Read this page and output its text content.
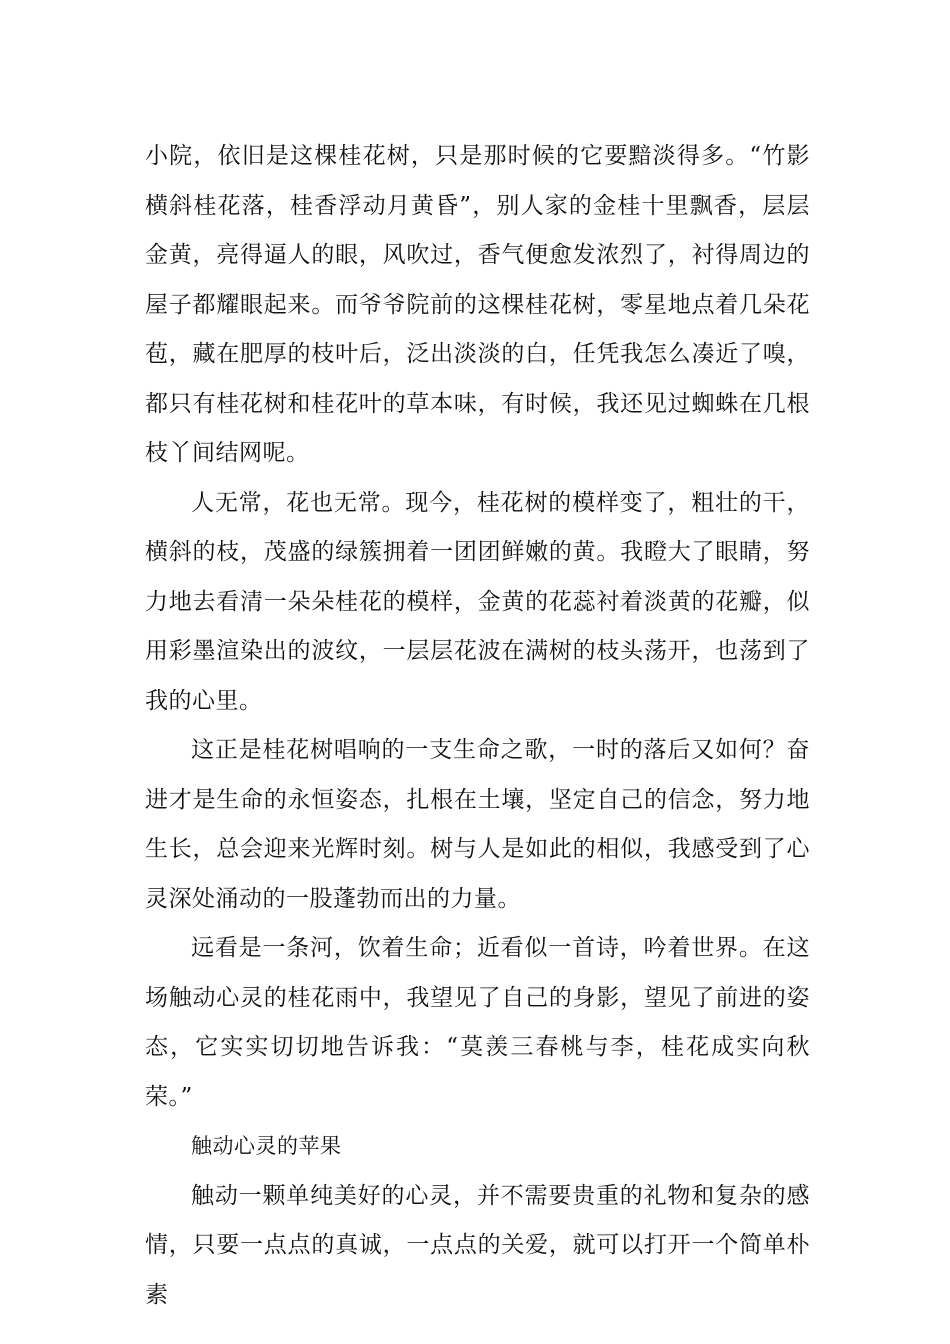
小院，依旧是这棵桂花树，只是那时候的它要黯淡得多。“竹影横斜桂花落，桂香浮动月黄昏”，别人家的金桂十里飘香，层层金黄，亮得逼人的眼，风吹过，香气便愈发浓烈了，衬得周边的屋子都耀眼起来。而爷爷院前的这棵桂花树，零星地点着几朵花苞，藏在肥厚的枝叶后，泛出淡淡的白，任凭我怎么凑近了嗅，都只有桂花树和桂花叶的草本味，有时候，我还见过蜘蛛在几根枝丫间结网呢。

人无常，花也无常。现今，桂花树的模样变了，粗壮的干，横斜的枝，茂盛的绿簇拥着一团团鲜嫩的黄。我瞪大了眼睛，努力地去看清一朵朵桂花的模样，金黄的花蕊衬着淡黄的花瓣，似用彩墨渲染出的波纹，一层层花波在满树的枝头荡开，也荡到了我的心里。

这正是桂花树唱响的一支生命之歌，一时的落后又如何？奋进才是生命的永恒姿态，扎根在土壤，坚定自己的信念，努力地生长，总会迎来光辉时刻。树与人是如此的相似，我感受到了心灵深处涌动的一股蓬勃而出的力量。

远看是一条河，饮着生命；近看似一首诗，吟着世界。在这场触动心灵的桂花雨中，我望见了自己的身影，望见了前进的姿态，它实实切切地告诉我：“莫羡三春桃与李，桂花成实向秋荣。”

触动心灵的苹果

触动一颗单纯美好的心灵，并不需要贵重的礼物和复杂的感情，只要一点点的真诚，一点点的关爱，就可以打开一个简单朴素
